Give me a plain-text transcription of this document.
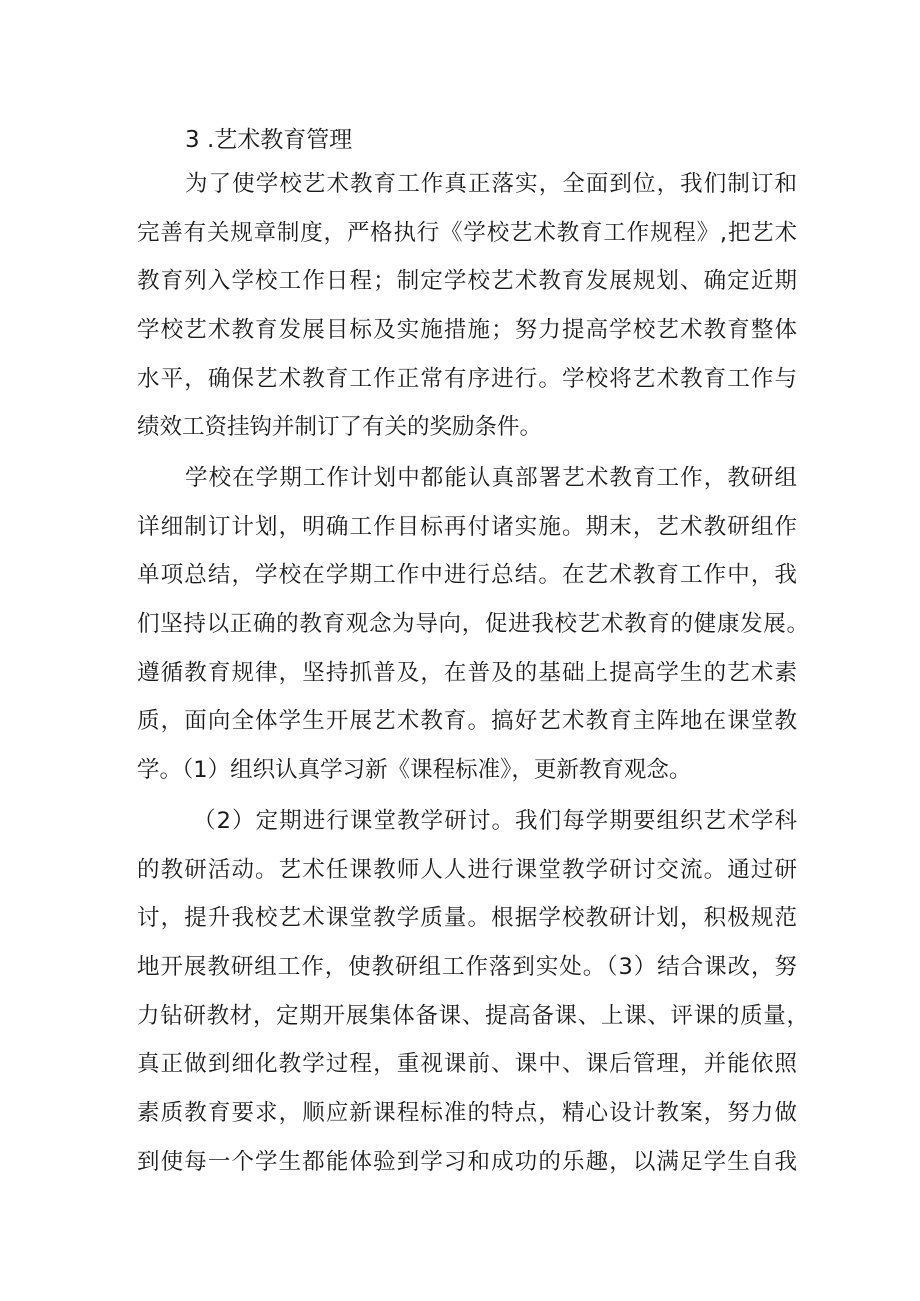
3 .艺术教育管理
为了使学校艺术教育工作真正落实，全面到位，我们制订和
完善有关规章制度，严格执行《学校艺术教育工作规程》,把艺术
教育列入学校工作日程；制定学校艺术教育发展规划、确定近期
学校艺术教育发展目标及实施措施；努力提高学校艺术教育整体
水平，确保艺术教育工作正常有序进行。学校将艺术教育工作与
绩效工资挂钩并制订了有关的奖励条件。
学校在学期工作计划中都能认真部署艺术教育工作，教研组
详细制订计划，明确工作目标再付诸实施。期末，艺术教研组作
单项总结，学校在学期工作中进行总结。在艺术教育工作中，我
们坚持以正确的教育观念为导向，促进我校艺术教育的健康发展。
遵循教育规律，坚持抓普及，在普及的基础上提高学生的艺术素
质，面向全体学生开展艺术教育。搞好艺术教育主阵地在课堂教
学。（1）组织认真学习新《课程标准》，更新教育观念。
（2）定期进行课堂教学研讨。我们每学期要组织艺术学科
的教研活动。艺术任课教师人人进行课堂教学研讨交流。通过研
讨，提升我校艺术课堂教学质量。根据学校教研计划，积极规范
地开展教研组工作，使教研组工作落到实处。（3）结合课改，努
力钻研教材，定期开展集体备课、提高备课、上课、评课的质量，
真正做到细化教学过程，重视课前、课中、课后管理，并能依照
素质教育要求，顺应新课程标准的特点，精心设计教案，努力做
到使每一个学生都能体验到学习和成功的乐趣，以满足学生自我
